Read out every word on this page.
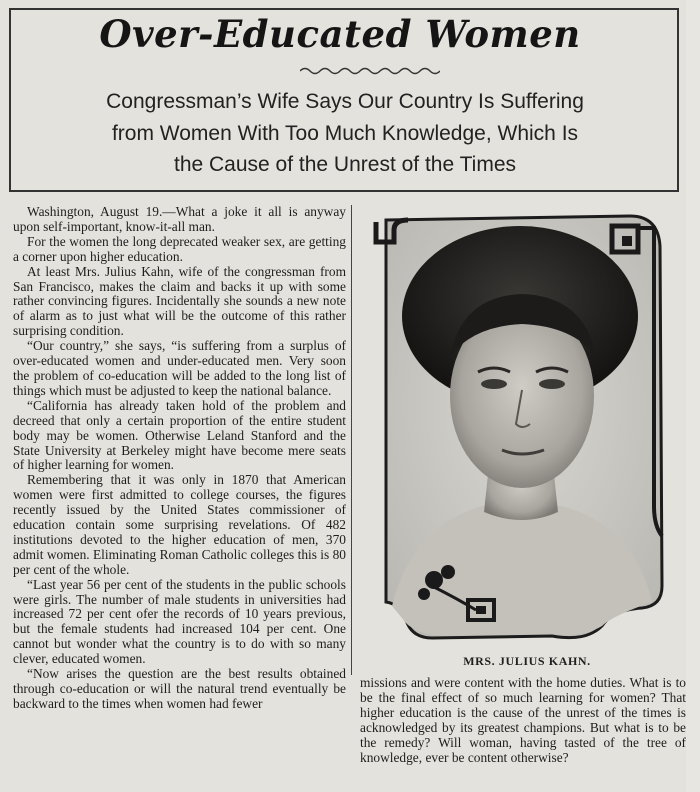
Over-Educated Women
Congressman’s Wife Says Our Country Is Suffering
from Women With Too Much Knowledge, Which Is
the Cause of the Unrest of the Times

Washington, August 19.—What a joke it all is anyway upon self-important, know-it-all man.

For the women the long deprecated weaker sex, are getting a corner upon higher education.

At least Mrs. Julius Kahn, wife of the congressman from San Francisco, makes the claim and backs it up with some rather convincing figures. Incidentally she sounds a new note of alarm as to just what will be the outcome of this rather surprising condition.

“Our country,” she says, “is suffering from a surplus of over-educated women and under-educated men. Very soon the problem of co-education will be added to the long list of things which must be adjusted to keep the national balance.

“California has already taken hold of the problem and decreed that only a certain proportion of the entire student body may be women. Otherwise Leland Stanford and the State University at Berkeley might have become mere seats of higher learning for women.

Remembering that it was only in 1870 that American women were first admitted to college courses, the figures recently issued by the United States commissioner of education contain some surprising revelations. Of 482 institutions devoted to the higher education of men, 370 admit women. Eliminating Roman Catholic colleges this is 80 per cent of the whole.

“Last year 56 per cent of the students in the public schools were girls. The number of male students in universities had increased 72 per cent ofer the records of 10 years previous, but the female students had increased 104 per cent. One cannot but wonder what the country is to do with so many clever, educated women.

“Now arises the question are the best results obtained through co-education or will the natural trend eventually be backward to the times when women had fewer

MRS. JULIUS KAHN.

missions and were content with the home duties. What is to be the final effect of so much learning for women? That higher education is the cause of the unrest of the times is acknowledged by its greatest champions. But what is to be the remedy? Will woman, having tasted of the tree of knowledge, ever be content otherwise?
